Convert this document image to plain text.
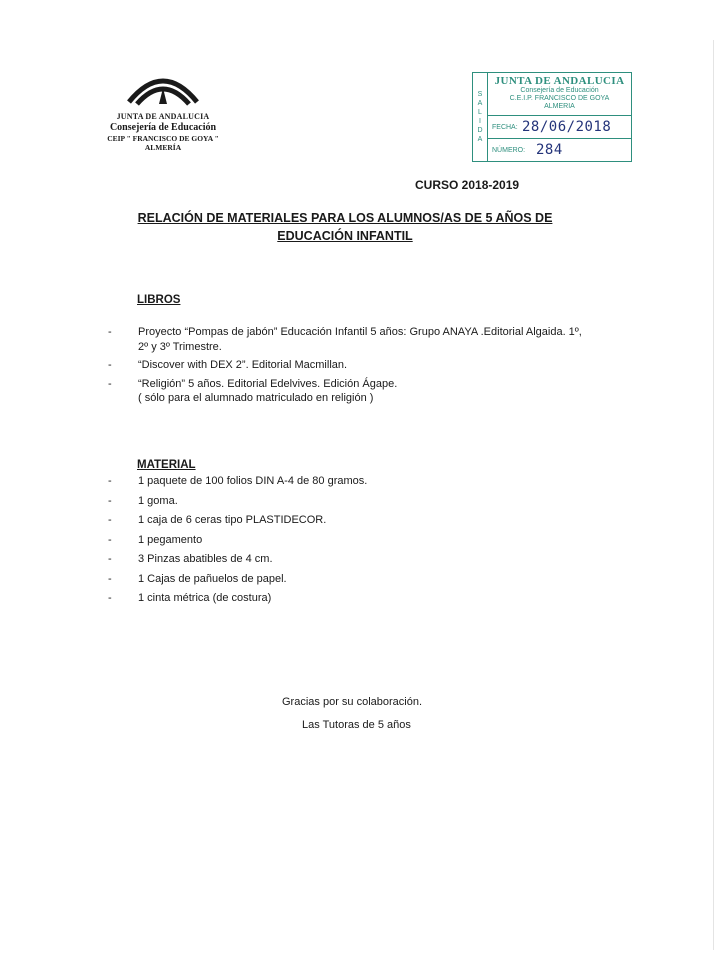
JUNTA DE ANDALUCIA
Consejería de Educación
CEIP " FRANCISCO DE GOYA "
ALMERÍA
S
A
L
I
D
A
JUNTA DE ANDALUCIA
Consejería de Educación
C.E.I.P. FRANCISCO DE GOYA
ALMERIA
FECHA: 28/06/2018
NÚMERO: 284
CURSO 2018-2019
RELACIÓN DE MATERIALES PARA LOS ALUMNOS/AS DE 5 AÑOS DE
EDUCACIÓN INFANTIL
LIBROS
- Proyecto “Pompas de jabón” Educación Infantil 5 años: Grupo ANAYA .Editorial Algaida. 1º, 2º y 3º Trimestre.
- “Discover with DEX 2”. Editorial Macmillan.
- “Religión” 5 años. Editorial Edelvives. Edición Ágape.
( sólo para el alumnado matriculado en religión )
MATERIAL
- 1 paquete de 100 folios DIN A-4 de 80 gramos.
- 1 goma.
- 1 caja de 6 ceras tipo PLASTIDECOR.
- 1 pegamento
- 3 Pinzas abatibles de 4 cm.
- 1 Cajas de pañuelos de papel.
- 1 cinta métrica (de costura)
Gracias por su colaboración.
Las Tutoras de 5 años
